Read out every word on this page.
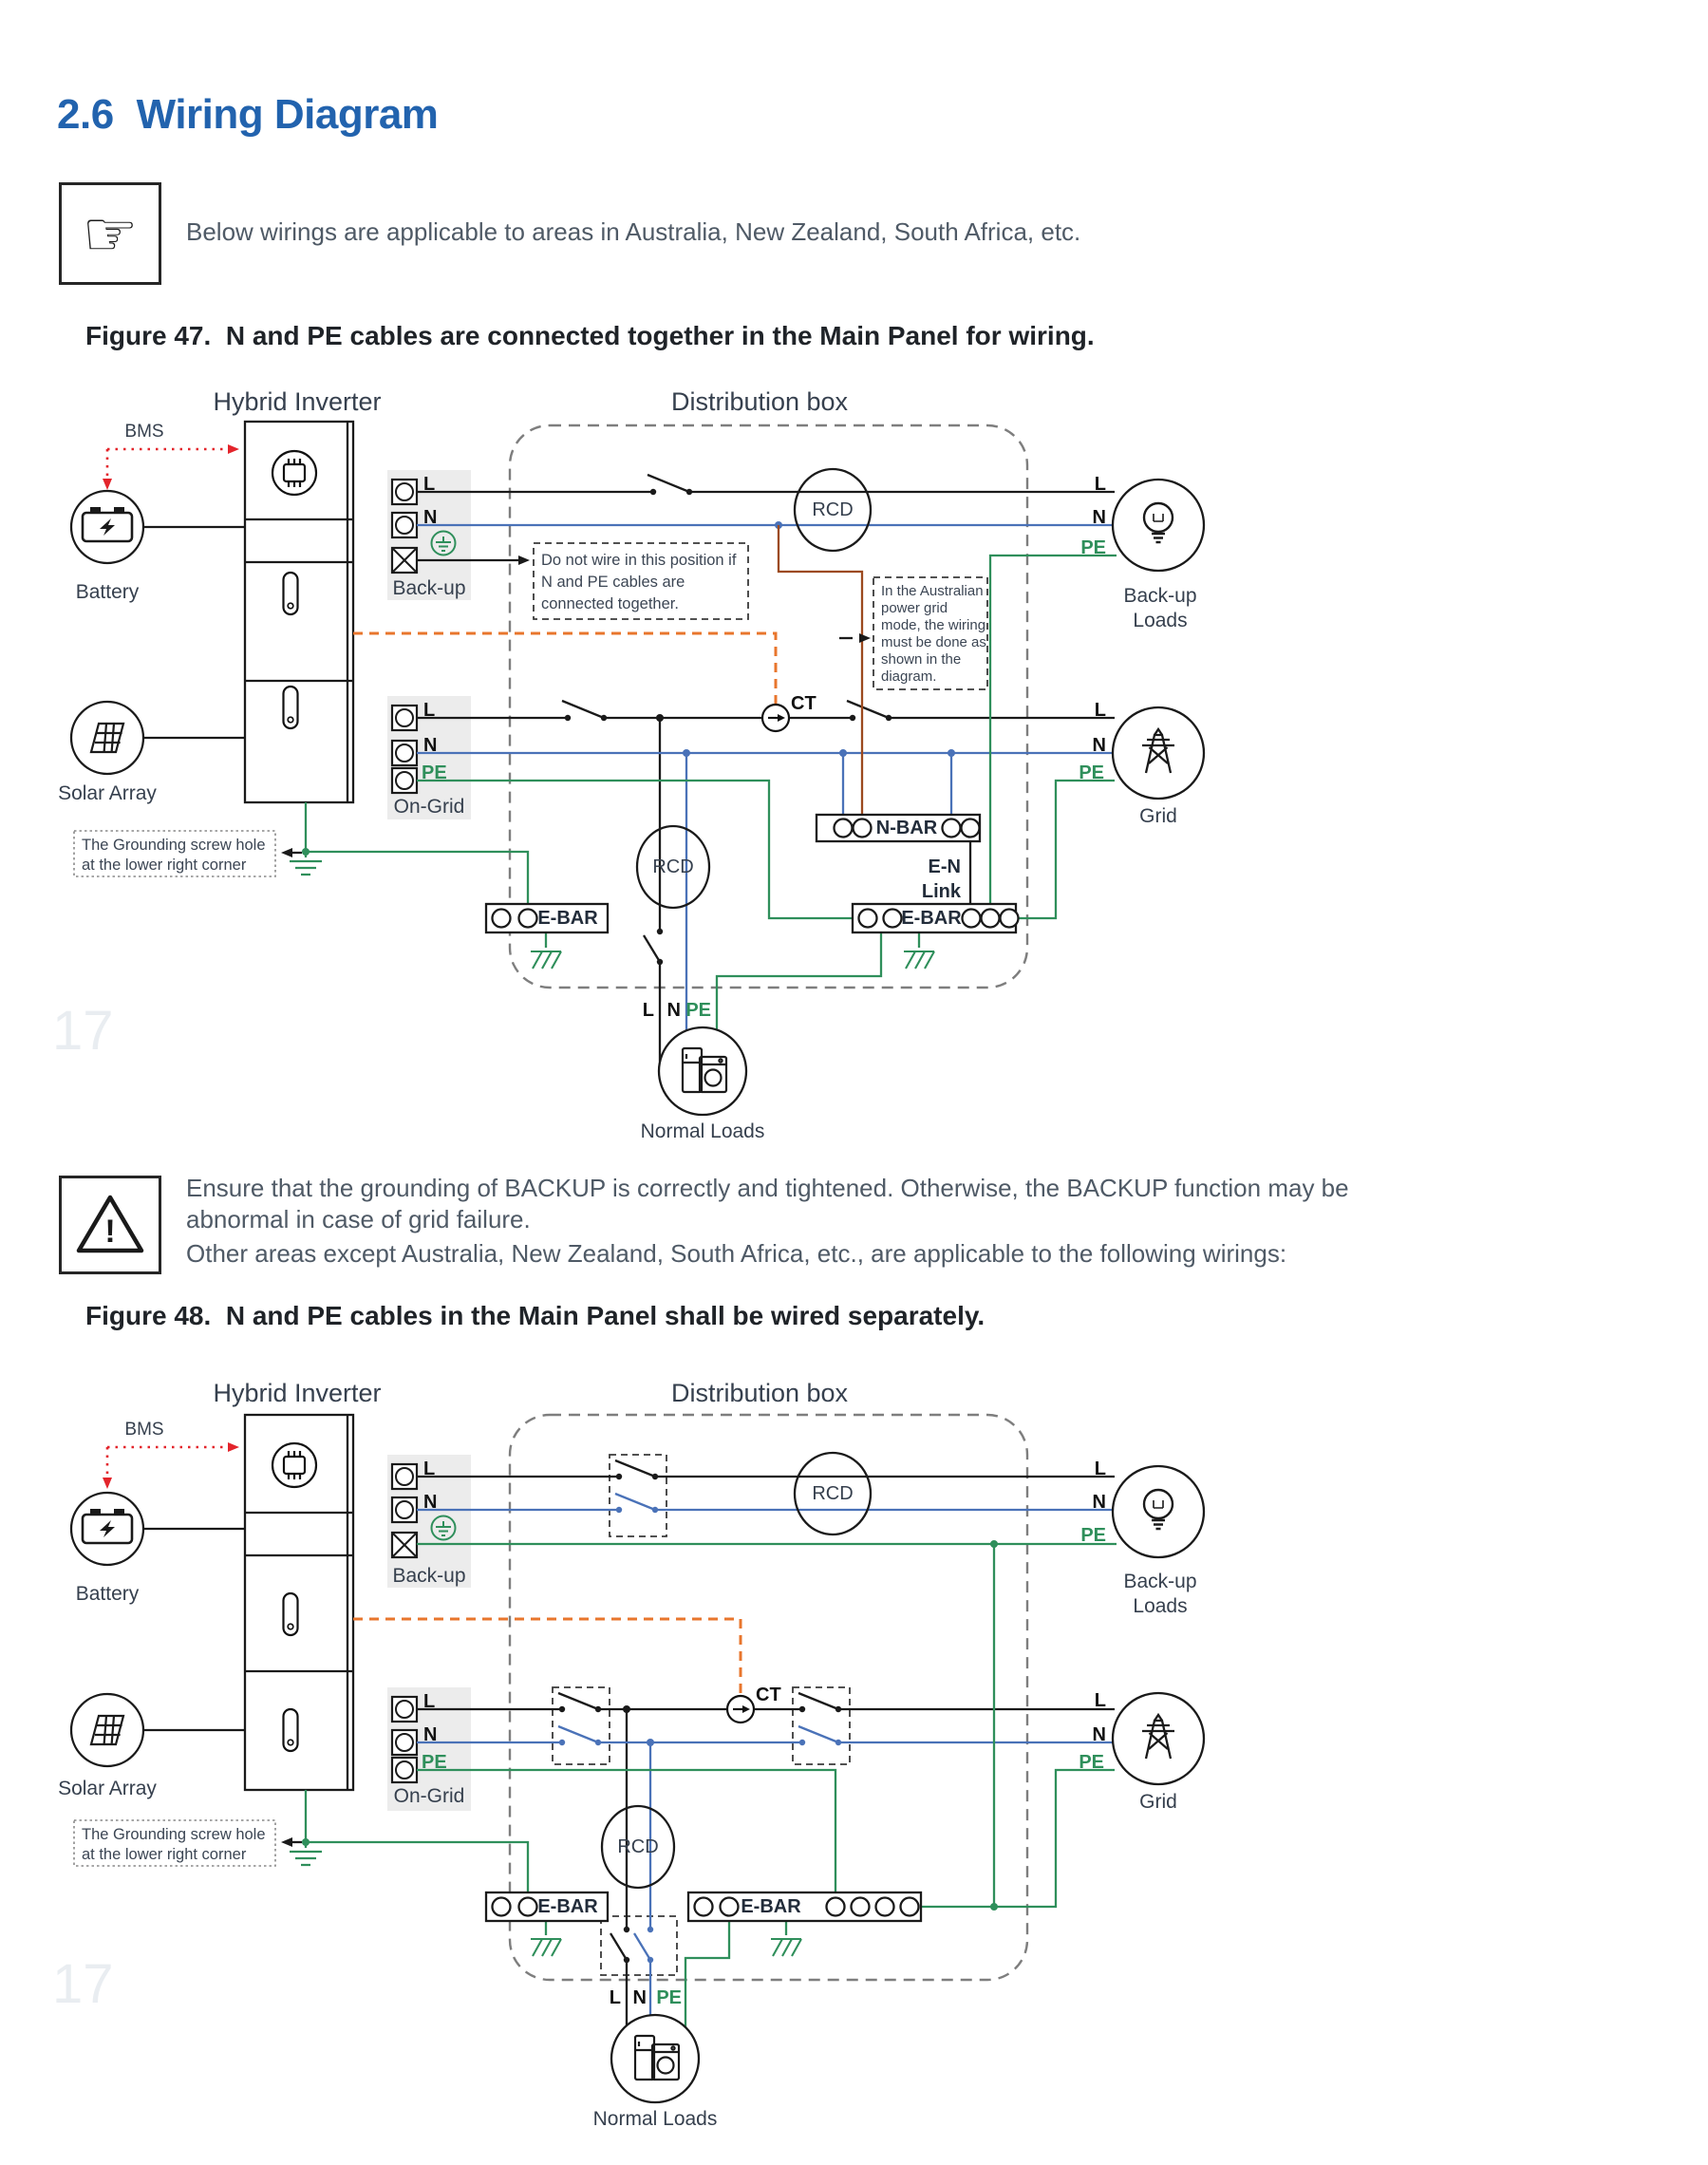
Hybrid Inverter	Distribution box
Battery
BMS
Solar Array
L
N
Back-up
L
N
PE
On-Grid
RCD
RCD
CT
N-BAR
E-N
Link
E-BAR	E-BAR
L
N
PE
Back-up
Loads
L
N
PE
Grid
L N PE
Normal Loads
Do not wire in this position if
N and PE cables are
connected together.
In the Australian
power grid
mode, the wiring
must be done as
shown in the
diagram.
The Grounding screw hole
at the lower right corner
Hybrid Inverter	Distribution box
Battery
BMS
Solar Array
L
N
Back-up
L
N
PE
On-Grid
RCD
RCD
CT
E-BAR	E-BAR
L
N
PE
Back-up
Loads
L
N
PE
Grid
L N PE
Normal Loads
The Grounding screw hole
at the lower right corner
2.6 Wiring Diagram
☞ Below wirings are applicable to areas in Australia, New Zealand, South Africa, etc.
Figure 47.  N and PE cables are connected together in the Main Panel for wiring.
!
Ensure that the grounding of BACKUP is correctly and tightened. Otherwise, the BACKUP function may be
abnormal in case of grid failure.
Other areas except Australia, New Zealand, South Africa, etc., are applicable to the following wirings:
Figure 48.  N and PE cables in the Main Panel shall be wired separately.
17
17
